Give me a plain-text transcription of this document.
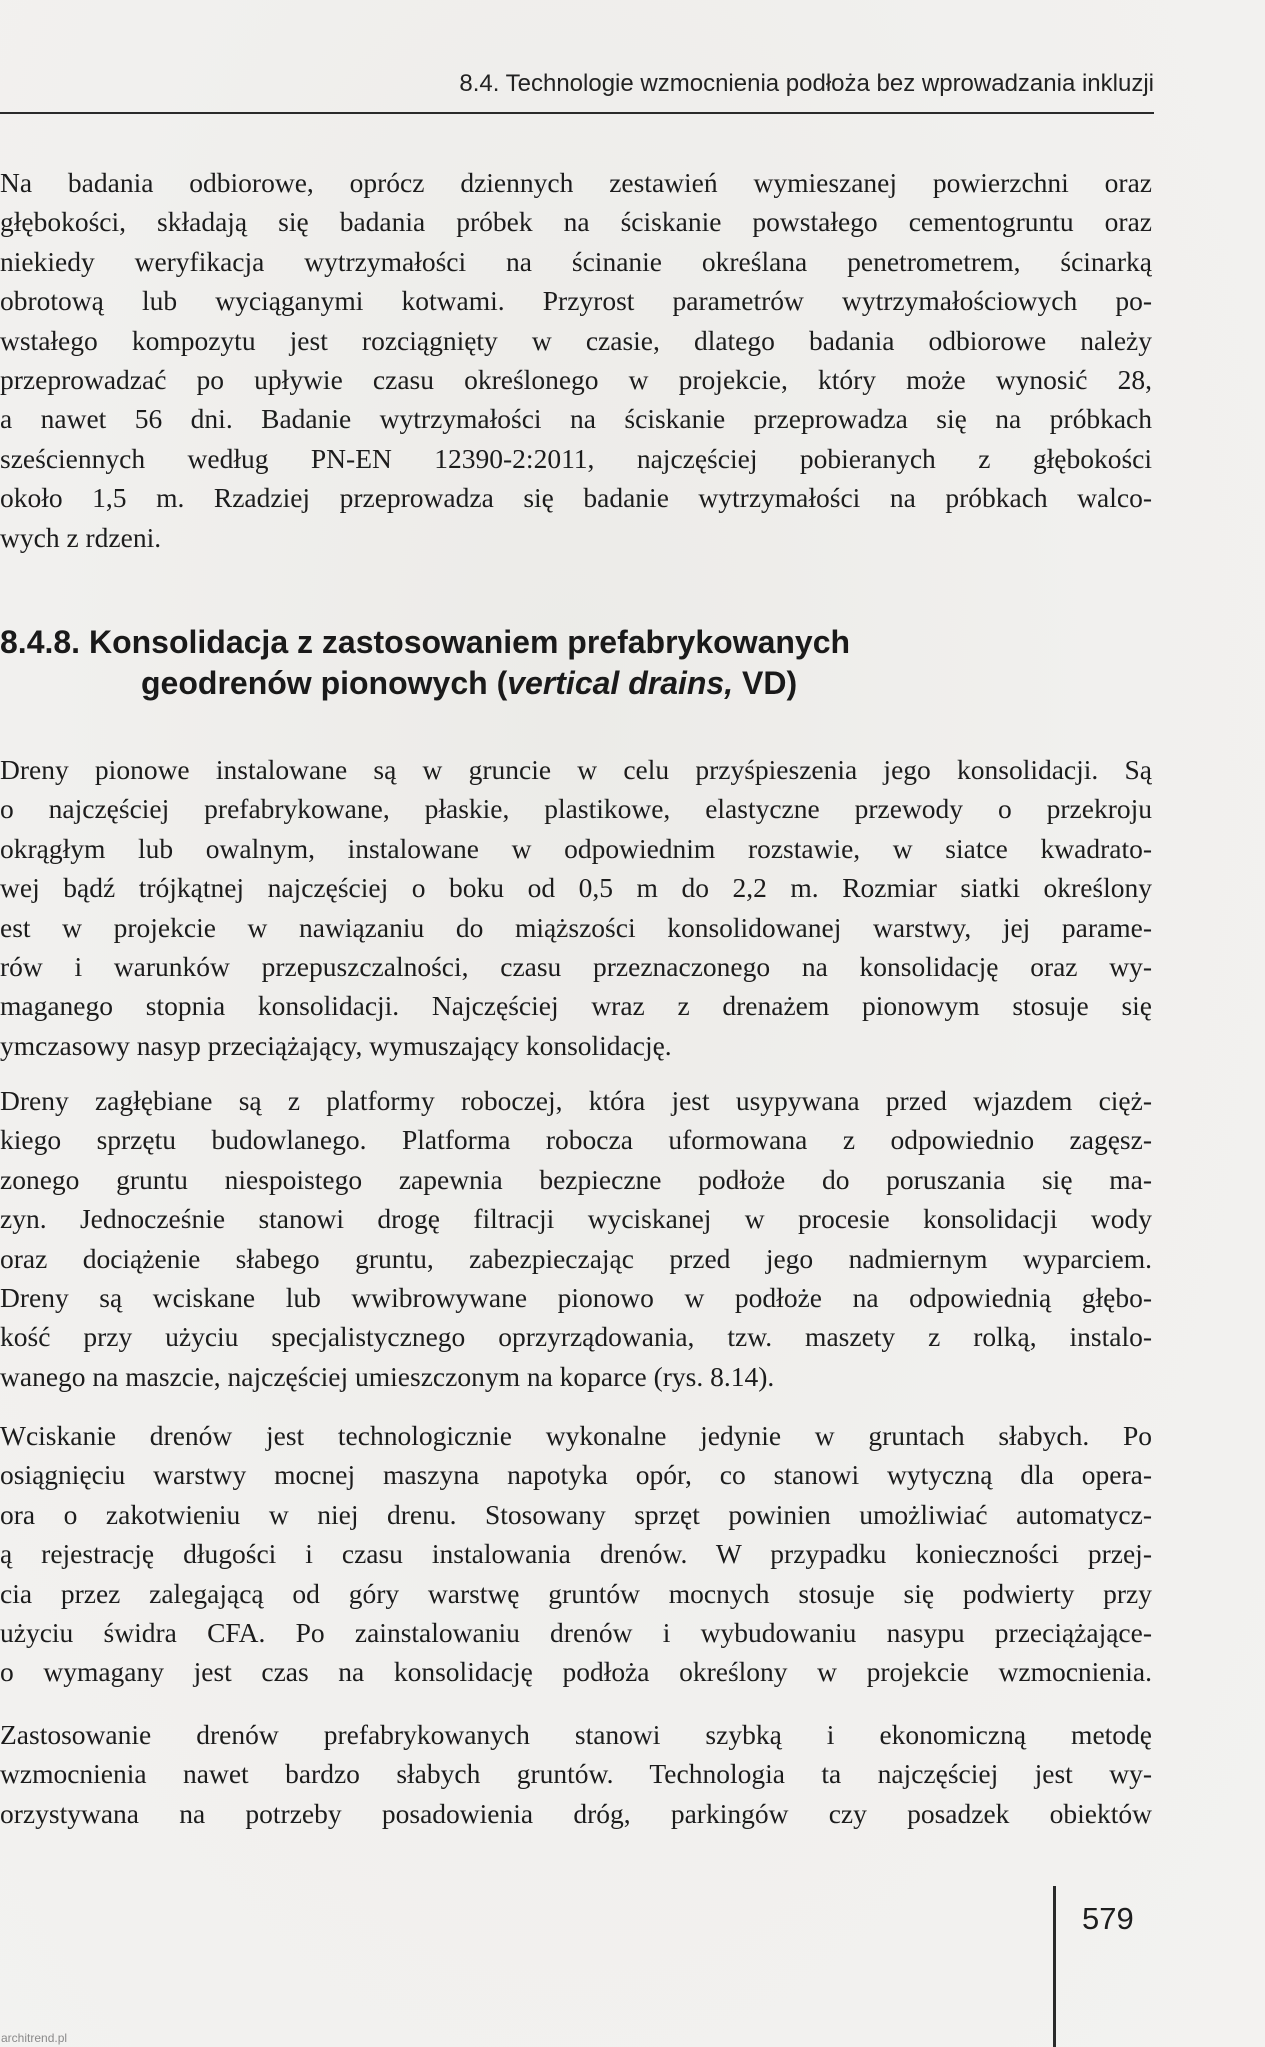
8.4. Technologie wzmocnienia podłoża bez wprowadzania inkluzji
Na badania odbiorowe, oprócz dziennych zestawień wymieszanej powierzchni oraz
głębokości, składają się badania próbek na ściskanie powstałego cementogruntu oraz
niekiedy weryfikacja wytrzymałości na ścinanie określana penetrometrem, ścinarką
obrotową lub wyciąganymi kotwami. Przyrost parametrów wytrzymałościowych po-
wstałego kompozytu jest rozciągnięty w czasie, dlatego badania odbiorowe należy
przeprowadzać po upływie czasu określonego w projekcie, który może wynosić 28,
a nawet 56 dni. Badanie wytrzymałości na ściskanie przeprowadza się na próbkach
sześciennych według PN-EN 12390-2:2011, najczęściej pobieranych z głębokości
około 1,5 m. Rzadziej przeprowadza się badanie wytrzymałości na próbkach walco-
wych z rdzeni.
8.4.8. Konsolidacja z zastosowaniem prefabrykowanych
geodrenów pionowych (vertical drains, VD)
Dreny pionowe instalowane są w gruncie w celu przyśpieszenia jego konsolidacji. Są
o najczęściej prefabrykowane, płaskie, plastikowe, elastyczne przewody o przekroju
okrągłym lub owalnym, instalowane w odpowiednim rozstawie, w siatce kwadrato-
wej bądź trójkątnej najczęściej o boku od 0,5 m do 2,2 m. Rozmiar siatki określony
est w projekcie w nawiązaniu do miąższości konsolidowanej warstwy, jej parame-
rów i warunków przepuszczalności, czasu przeznaczonego na konsolidację oraz wy-
maganego stopnia konsolidacji. Najczęściej wraz z drenażem pionowym stosuje się
ymczasowy nasyp przeciążający, wymuszający konsolidację.
Dreny zagłębiane są z platformy roboczej, która jest usypywana przed wjazdem cięż-
kiego sprzętu budowlanego. Platforma robocza uformowana z odpowiednio zagęsz-
zonego gruntu niespoistego zapewnia bezpieczne podłoże do poruszania się ma-
zyn. Jednocześnie stanowi drogę filtracji wyciskanej w procesie konsolidacji wody
oraz dociążenie słabego gruntu, zabezpieczając przed jego nadmiernym wyparciem.
Dreny są wciskane lub wwibrowywane pionowo w podłoże na odpowiednią głębo-
kość przy użyciu specjalistycznego oprzyrządowania, tzw. maszety z rolką, instalo-
wanego na maszcie, najczęściej umieszczonym na koparce (rys. 8.14).
Wciskanie drenów jest technologicznie wykonalne jedynie w gruntach słabych. Po
osiągnięciu warstwy mocnej maszyna napotyka opór, co stanowi wytyczną dla opera-
ora o zakotwieniu w niej drenu. Stosowany sprzęt powinien umożliwiać automatycz-
ą rejestrację długości i czasu instalowania drenów. W przypadku konieczności przej-
cia przez zalegającą od góry warstwę gruntów mocnych stosuje się podwierty przy
użyciu świdra CFA. Po zainstalowaniu drenów i wybudowaniu nasypu przeciążające-
o wymagany jest czas na konsolidację podłoża określony w projekcie wzmocnienia.
Zastosowanie drenów prefabrykowanych stanowi szybką i ekonomiczną metodę
wzmocnienia nawet bardzo słabych gruntów. Technologia ta najczęściej jest wy-
orzystywana na potrzeby posadowienia dróg, parkingów czy posadzek obiektów
579
architrend.pl
